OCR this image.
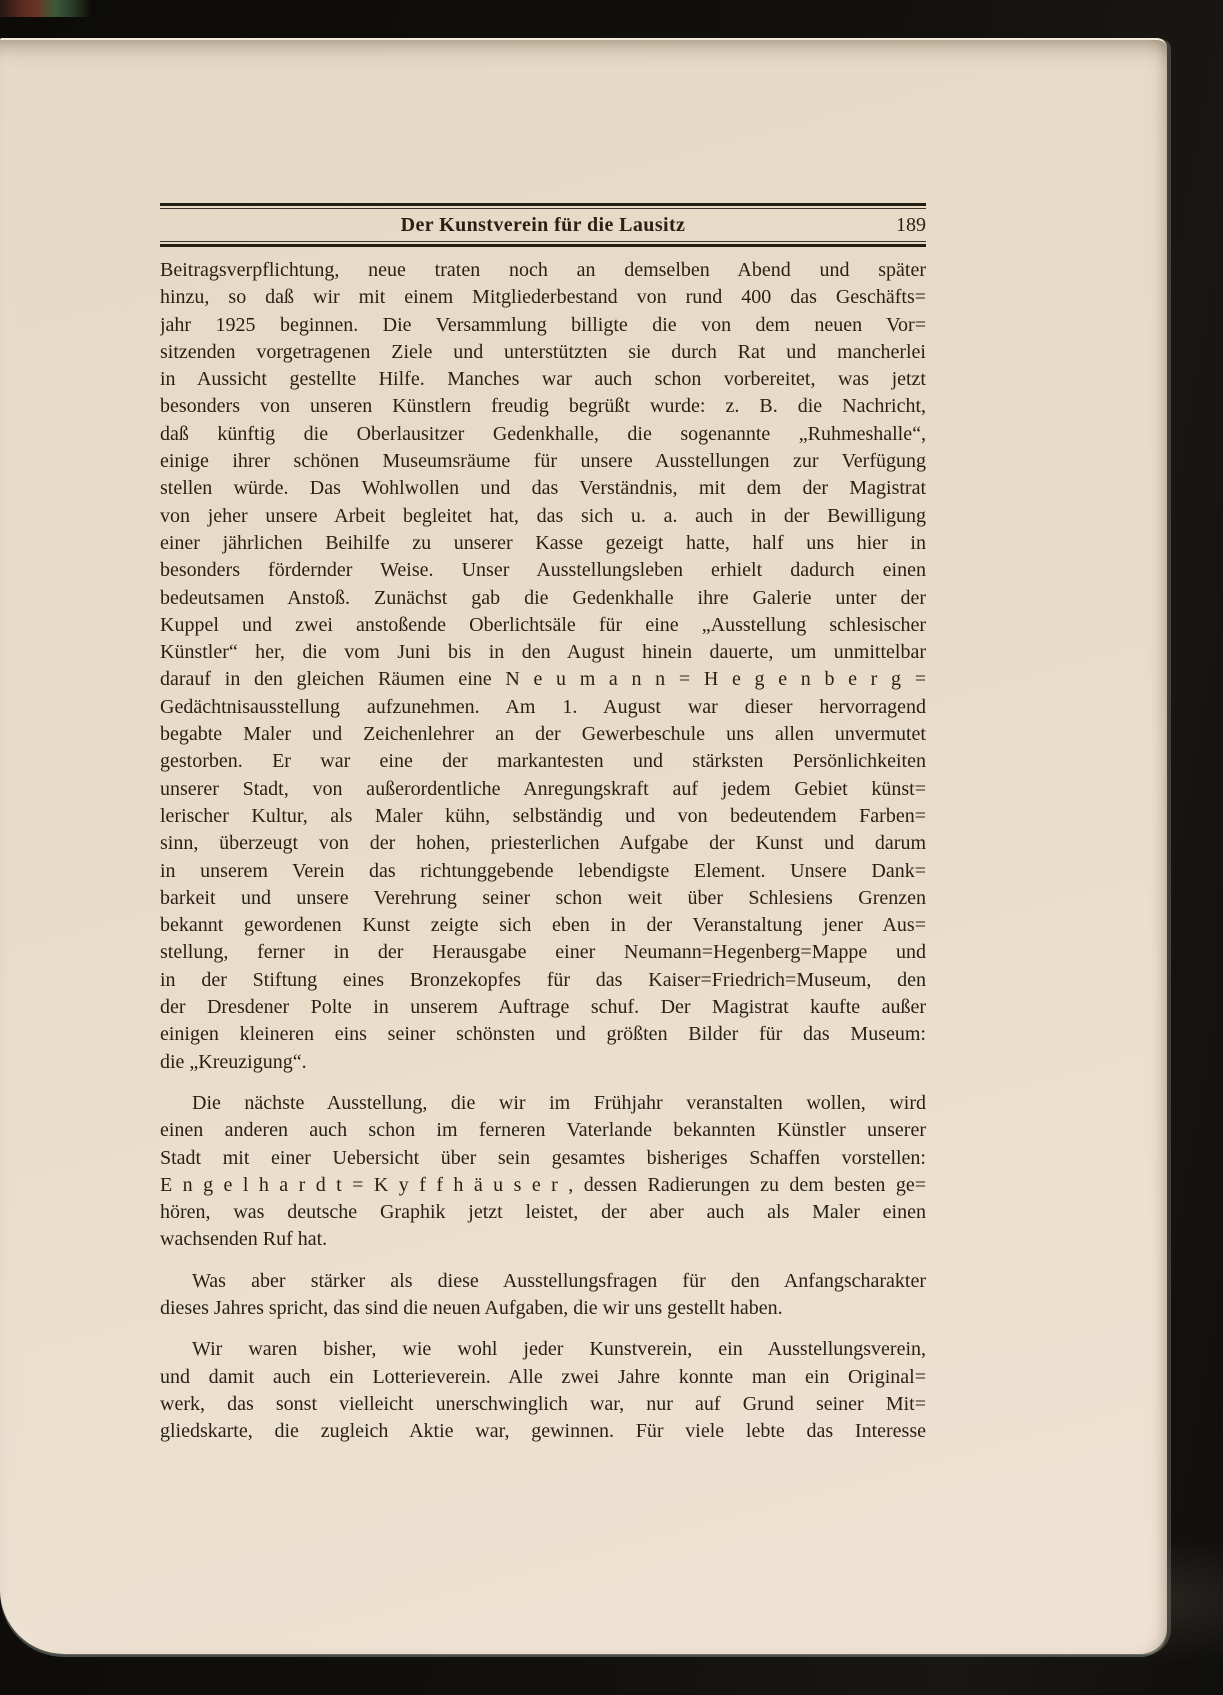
Der Kunstverein für die Lausitz	189
Beitragsverpflichtung, neue traten noch an demselben Abend und später
hinzu, so daß wir mit einem Mitgliederbestand von rund 400 das Geschäfts=
jahr 1925 beginnen. Die Versammlung billigte die von dem neuen Vor=
sitzenden vorgetragenen Ziele und unterstützten sie durch Rat und mancherlei
in Aussicht gestellte Hilfe. Manches war auch schon vorbereitet, was jetzt
besonders von unseren Künstlern freudig begrüßt wurde: z. B. die Nachricht,
daß künftig die Oberlausitzer Gedenkhalle, die sogenannte „Ruhmeshalle“,
einige ihrer schönen Museumsräume für unsere Ausstellungen zur Verfügung
stellen würde. Das Wohlwollen und das Verständnis, mit dem der Magistrat
von jeher unsere Arbeit begleitet hat, das sich u. a. auch in der Bewilligung
einer jährlichen Beihilfe zu unserer Kasse gezeigt hatte, half uns hier in
besonders fördernder Weise. Unser Ausstellungsleben erhielt dadurch einen
bedeutsamen Anstoß. Zunächst gab die Gedenkhalle ihre Galerie unter der
Kuppel und zwei anstoßende Oberlichtsäle für eine „Ausstellung schlesischer
Künstler“ her, die vom Juni bis in den August hinein dauerte, um unmittelbar
darauf in den gleichen Räumen eine N e u m a n n = H e g e n b e r g =
Gedächtnisausstellung aufzunehmen. Am 1. August war dieser hervorragend
begabte Maler und Zeichenlehrer an der Gewerbeschule uns allen unvermutet
gestorben. Er war eine der markantesten und stärksten Persönlichkeiten
unserer Stadt, von außerordentliche Anregungskraft auf jedem Gebiet künst=
lerischer Kultur, als Maler kühn, selbständig und von bedeutendem Farben=
sinn, überzeugt von der hohen, priesterlichen Aufgabe der Kunst und darum
in unserem Verein das richtunggebende lebendigste Element. Unsere Dank=
barkeit und unsere Verehrung seiner schon weit über Schlesiens Grenzen
bekannt gewordenen Kunst zeigte sich eben in der Veranstaltung jener Aus=
stellung, ferner in der Herausgabe einer Neumann=Hegenberg=Mappe und
in der Stiftung eines Bronzekopfes für das Kaiser=Friedrich=Museum, den
der Dresdener Polte in unserem Auftrage schuf. Der Magistrat kaufte außer
einigen kleineren eins seiner schönsten und größten Bilder für das Museum:
die „Kreuzigung“.
Die nächste Ausstellung, die wir im Frühjahr veranstalten wollen, wird
einen anderen auch schon im ferneren Vaterlande bekannten Künstler unserer
Stadt mit einer Uebersicht über sein gesamtes bisheriges Schaffen vorstellen:
E n g e l h a r d t = K y f f h ä u s e r , dessen Radierungen zu dem besten ge=
hören, was deutsche Graphik jetzt leistet, der aber auch als Maler einen
wachsenden Ruf hat.
Was aber stärker als diese Ausstellungsfragen für den Anfangscharakter
dieses Jahres spricht, das sind die neuen Aufgaben, die wir uns gestellt haben.
Wir waren bisher, wie wohl jeder Kunstverein, ein Ausstellungsverein,
und damit auch ein Lotterieverein. Alle zwei Jahre konnte man ein Original=
werk, das sonst vielleicht unerschwinglich war, nur auf Grund seiner Mit=
gliedskarte, die zugleich Aktie war, gewinnen. Für viele lebte das Interesse
